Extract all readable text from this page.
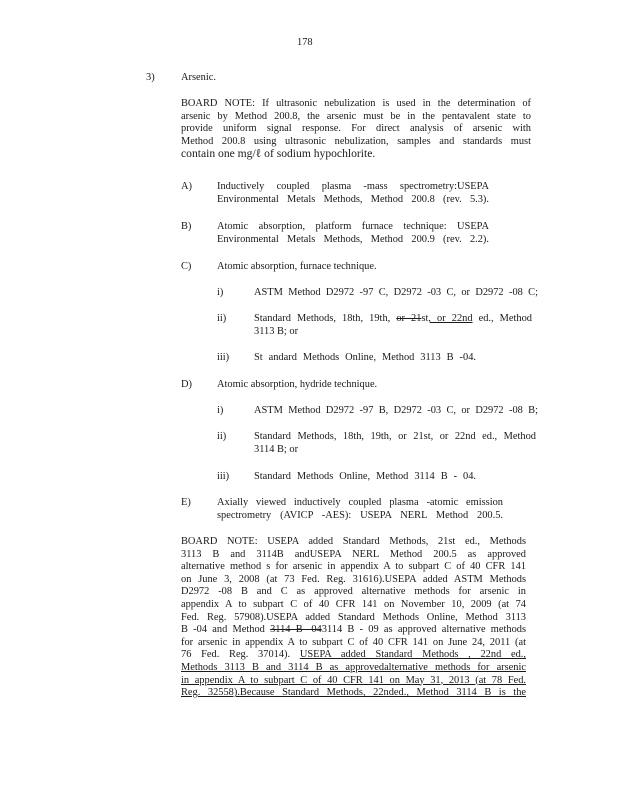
178
3)	Arsenic.
BOARD NOTE: If ultrasonic nebulization is used in the determination of
arsenic by Method 200.8, the arsenic must be in the pentavalent state to
provide uniform signal response. For direct analysis of arsenic with
Method 200.8 using ultrasonic nebulization, samples and standards must
contain one mg/ℓ of sodium hypochlorite.
A) Inductively coupled plasma -mass spectrometry:USEPA
Environmental Metals Methods, Method 200.8 (rev. 5.3).
B) Atomic absorption, platform furnace technique: USEPA
Environmental Metals Methods, Method 200.9 (rev. 2.2).
C) Atomic absorption, furnace technique.
i)	ASTM Method D2972 -97 C, D2972 -03 C, or D2972 -08 C;
ii)	Standard Methods, 18th, 19th, or 21st, or 22nd ed., Method
3113 B; or
iii) St andard Methods Online, Method 3113 B -04.
D) Atomic absorption, hydride technique.
i)	ASTM Method D2972 -97 B, D2972 -03 C, or D2972 -08 B;
ii)	Standard Methods, 18th, 19th, or 21st, or 22nd ed., Method
3114 B; or
iii) Standard Methods Online, Method 3114 B - 04.
E)	Axially viewed inductively coupled plasma -atomic emission
spectrometry (AVICP -AES): USEPA NERL Method 200.5.
BOARD NOTE: USEPA added Standard Methods, 21st ed., Methods
3113 B and 3114B andUSEPA NERL Method 200.5 as approved
alternative method s for arsenic in appendix A to subpart C of 40 CFR 141
on June 3, 2008 (at 73 Fed. Reg. 31616).USEPA added ASTM Methods
D2972 -08 B and C as approved alternative methods for arsenic in
appendix A to subpart C of 40 CFR 141 on November 10, 2009 (at 74
Fed. Reg. 57908).USEPA added Standard Methods Online, Method 3113
B -04 and Method 3114 B -043114 B - 09 as approved alternative methods
for arsenic in appendix A to subpart C of 40 CFR 141 on June 24, 2011 (at
76 Fed. Reg. 37014). USEPA added Standard Methods , 22nd ed.,
Methods 3113 B and 3114 B as approvedalternative methods for arsenic
in appendix A to subpart C of 40 CFR 141 on May 31, 2013 (at 78 Fed.
Reg. 32558).Because Standard Methods, 22nded., Method 3114 B is the
